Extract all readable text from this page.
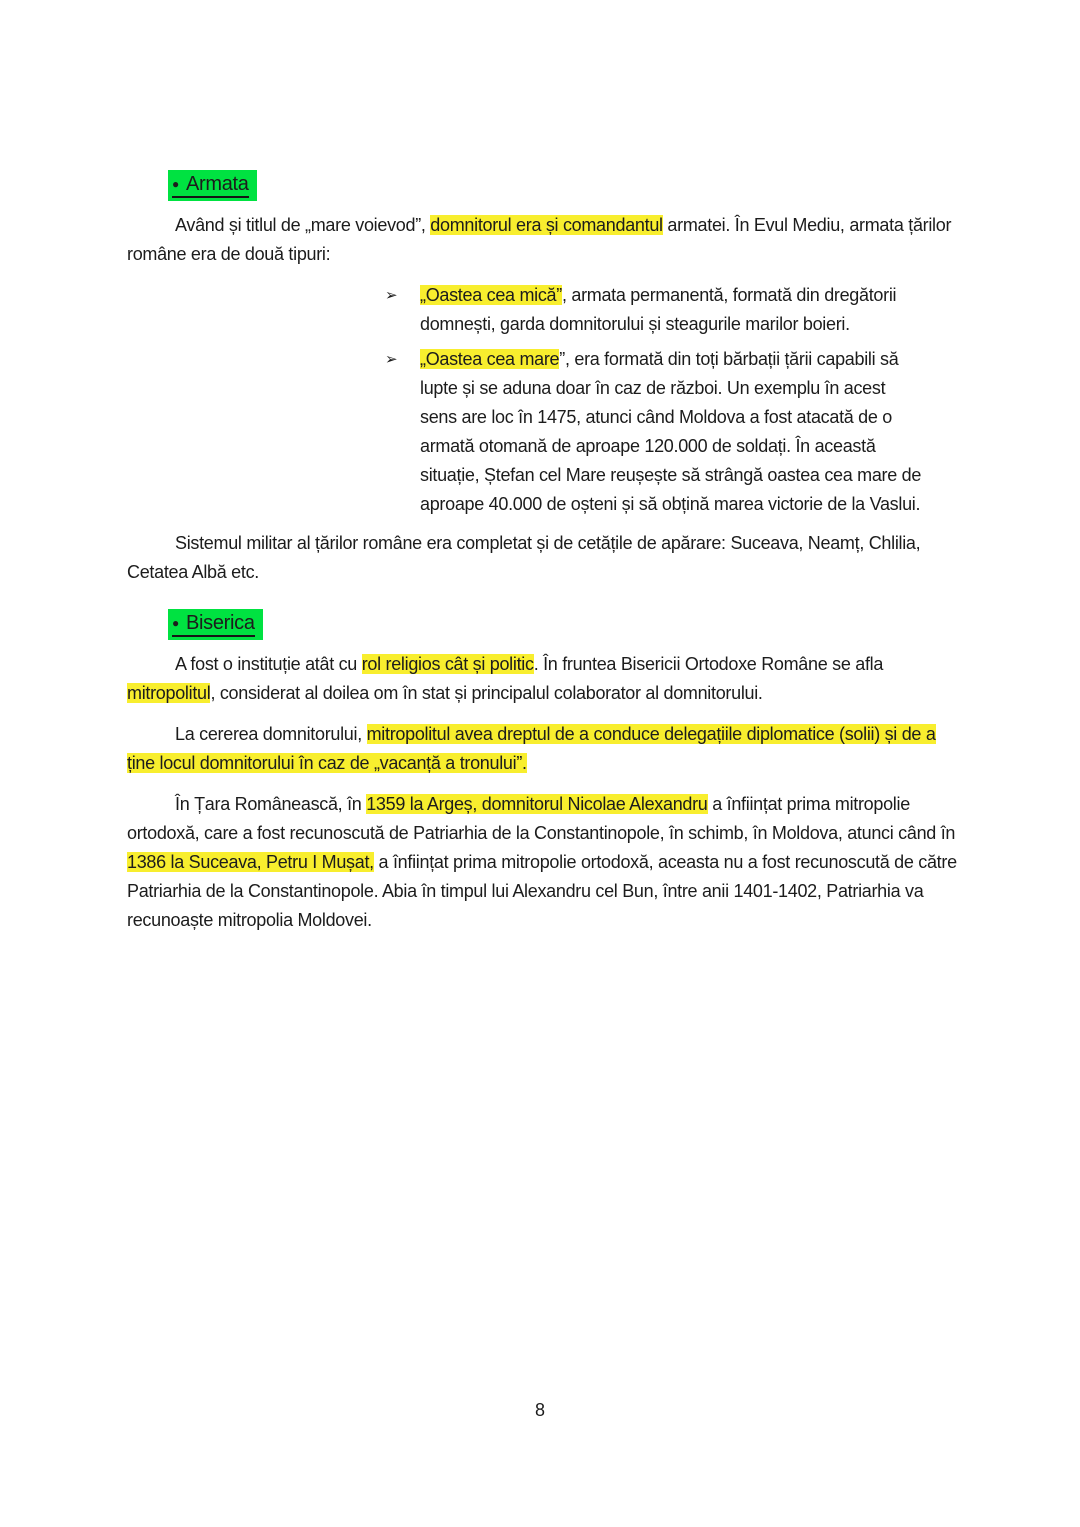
● Armata

Având și titlul de „mare voievod”, domnitorul era și comandantul armatei. În Evul Mediu, armata țărilor române era de două tipuri:

➢	„Oastea cea mică”, armata permanentă, formată din dregătorii domnești, garda domnitorului și steagurile marilor boieri.
➢	„Oastea cea mare”, era formată din toți bărbații țării capabili să lupte și se aduna doar în caz de război. Un exemplu în acest sens are loc în 1475, atunci când Moldova a fost atacată de o armată otomană de aproape 120.000 de soldați. În această situație, Ștefan cel Mare reușește să strângă oastea cea mare de aproape 40.000 de oșteni și să obțină marea victorie de la Vaslui.

Sistemul militar al țărilor române era completat și de cetățile de apărare: Suceava, Neamț, Chlilia, Cetatea Albă etc.

● Biserica

A fost o instituție atât cu rol religios cât și politic. În fruntea Bisericii Ortodoxe Române se afla mitropolitul, considerat al doilea om în stat și principalul colaborator al domnitorului.

La cererea domnitorului, mitropolitul avea dreptul de a conduce delegațiile diplomatice (solii) și de a ține locul domnitorului în caz de „vacanță a tronului”.

În Țara Românească, în 1359 la Argeș, domnitorul Nicolae Alexandru a înființat prima mitropolie ortodoxă, care a fost recunoscută de Patriarhia de la Constantinopole, în schimb, în Moldova, atunci când în 1386 la Suceava, Petru I Mușat, a înființat prima mitropolie ortodoxă, aceasta nu a fost recunoscută de către Patriarhia de la Constantinopole. Abia în timpul lui Alexandru cel Bun, între anii 1401-1402, Patriarhia va recunoaște mitropolia Moldovei.

8
